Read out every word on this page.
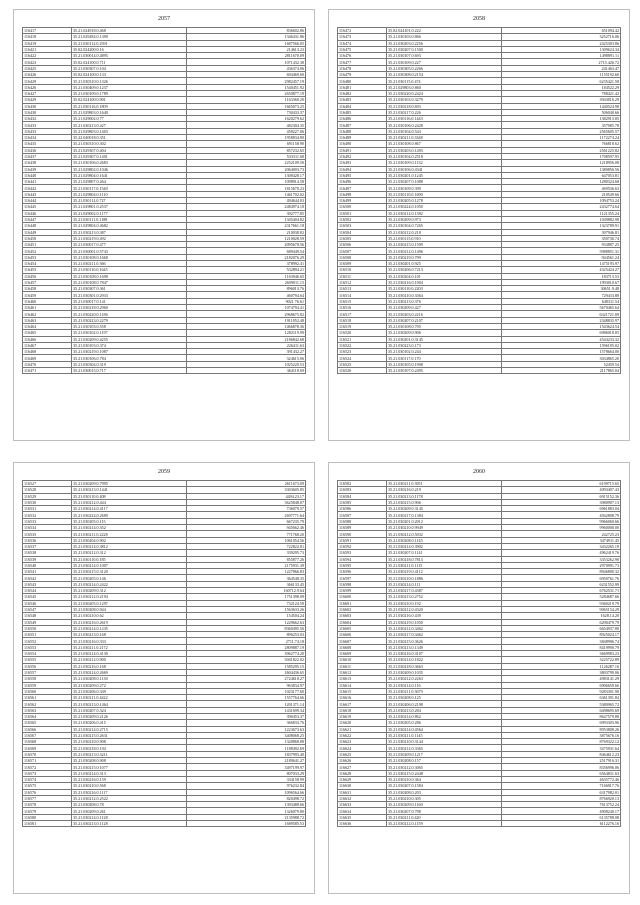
2057
116417	35.21.024918.0.468	836602.86
116418	35.21.029284.0.1390	1346431.86
116419	35.21.030112.0.2591	1687566.05
116421	35.02.024200.0.16	214613.23
116422	35.21.030014.0.4895	2811670.09
116423	35.02.024100.0.711	1071432.38
116425	35.21.030307.0.104	436374.06
116426	35.02.024100.0.133	694469.60
116429	35.21.030310.0.1326	2982457.19
116426	35.21.030409.0.1237	1540451.92
116427	35.21.030109.0.1789	2650877.19
116429	35.02.024100.0.901	1163360.20
116430	35.21.030116.0.1809	1665073.25
116430	35.21.029803.0.1640	730433.37
116432	35.21.029002.0.77	1620279.62
116433	35.21.030213.0.427	482304.35
116433	35.21.029803.0.1403	458227.06
116434	35.22.040018.0.351	1958834.80
116435	35.21.030310.0.302	691158.90
116436	35.21.029307.0.404	857232.65
116437	35.21.029307.0.1401	533311.68
116438	35.21.030106.0.2683	2252109.50
116439	35.21.029802.0.1046	2064003.73
116440	35.21.029804.0.1641	1308428.17
116441	35.21.029807.0.264	1098914.58
116442	35.21.030117.0.1540	1815670.23
116443	35.21.029804.0.1110	1461702.02
116444	35.21.030112.0.727	494644.03
116445	35.21.029801.0.2537	2484974.18
116446	35.21.029002.0.1177	392777.85
116447	35.21.030111.0.1188	1345404.82
116448	35.21.029804.0.4682	2317661.18
116449	35.21.030213.0.387	210038.82
116450	35.21.030219.0.492	1210028.59
116451	35.21.030017.0.477	2095678.56
116452	35.21.030001.0.5743	689449.54
116453	35.21.030108.0.1668	2182076.29
116454	35.21.030211.0.366	378992.41
116455	35.21.030110.0.1645	532894.21
116456	35.21.030108.0.1698	1163946.65
116457	35.21.030108.0.7847	2609011.15
116458	35.21.030307.0.361	896013.76
116459	35.21.030301.0.2933	460794.64
116460	35.21.030017.0.141	9021 76.61
116461	35.21.030218.0.2960	1074794.41
116462	35.21.030220.0.1186	2968675.82
116463	35.21.030223.0.2279	1911052.48
116464	35.21.030103.0.558	1466878.36
116465	35.21.030102.0.1197	1282119.99
116466	35.21.030209.0.4255	2186842.68
116467	35.21.030103.0.374	226411.63
116468	35.21.030219.0.1087	391432.27
116469	35.21.030106.0.784	324615.06
116470	35.21.030304.0.319	1025220.53
116471	35.21.030015.0.717	364118.69
2058
116472	35.02.024101.0.222	651094.42
116473	35.21.030103.0.866	3252716.06
116474	35.21.030203.0.2256	2425303.86
116475	35.21.030207.0.1500	1309624.34
116476	35.21.030107.0.693	1498891.11
116477	35.21.030109.0.227	2715.426.72
116478	35.21.030305.0.2266	241463.47
116479	35.21.030308.0.2154	1155192.60
116480	35.21.030115.0.474	6235421.58
116481	35.21.029803.0.860	184522.29
116482	35.21.030220.0.2424	788421.42
116483	35.21.030103.0.3279	3943016.29
116484	35.21.030218.0.693	1440524.98
116485	35.21.030217.0.226	506040.66
116486	35.21.030116.0.1443	1382915.85
116487	35.21.030106.0.2428	357085.78
116488	35.21.030104.0.544	2565605.57
116489	35.21.030211.0.3348	1172274.24
116490	35.21.030108.0.867	766818.62
116491	35.21.030203.0.1493	2561225.82
116492	35.21.030104.0.2518	1708597.95
116493	35.21.030109.0.1132	1218956.08
116494	35.21.030106.0.4341	1380856.56
116495	35.21.030201.0.1245	647053.81
116496	35.21.030207.0.1088	1280324.68
116497	35.21.030109.0.399	469536.63
116498	35.21.030110.0.1690	210549.66
116499	35.21.030205.0.1278	1094753.24
116500	35.21.030224.0.1050	2432774.64
116501	35.21.030212.0.1392	1121355.24
116502	35.21.030209.0.973	1049882.98
116503	35.21.030104.0.7265	1323789.91
116504	35.21.030212.0.218	397946.81
116505	35.21.030115.0.910	350736.74
116506	35.21.030215.0.1509	933887.25
116507	35.21.030212.0.1496	5988851.31
116508	35.21.030219.0.799	944561.24
116509	35.21.030201.0.925	1475193.97
116510	35.21.030206.0.7213	4325424.27
116511	35.21.030204.0.101	183713.53
116512	35.21.030216.0.1004	1993010.67
116513	35.21.030110.0.2203	30651.9.48
116514	35.21.030210.0.3364	729433.88
116515	35.21.030213.0.376	648311.54
116516	35.21.030209.0.427	5670465.64
116517	35.21.030203.0.2216	6321721.09
116518	35.21.030207.0.2107	2348835.97
116519	35.21.030108.0.705	1543624.54
116520	35.21.030209.0.906	6986018.05
116521	35.21.030201.0.3145	4544233.32
116522	35.21.030223.0.173	1596195.02
116523	35.21.030102.0.244	1578664.00
116524	35.21.030117.0.170	3034865.20
116525	35.21.030105.0.1908	52459.54
116526	35.21.030107.0.2495	2117865.04
2059
116527	35.21.030209.0.7995	2611673.09
116528	35.21.030213.0.1441	3303605.85
116529	35.21.030110.0.408	4494.23.17
116530	35.21.030212.0.444	3625848.07
116531	35.21.030214.0.4117	736079.57
116532	35.21.030224.0.2689	2697771.64
116533	35.21.030205.0.115	667235.79
116534	35.21.030214.0.352	945662.46
116535	35.21.030211.0.2228	771768.20
116536	35.21.030204.0.902	1061054.56
116537	35.21.030214.0.3812	722822.01
116538	35.21.030212.0.312	339295.73
116539	35.21.030110.0.185	855877.26
116540	35.21.030214.0.1007	2175931.39
116541	35.21.030215.0.3120	1227866.83
116542	35.21.030205.0.146	364548.35
116543	35.21.030214.0.2422	366133.45
116544	35.21.030209.0.312	160712.9.64
116545	35.21.030212.0.2194	1751398.09
116546	35.21.030205.0.1297	732124.59
116547	35.21.030208.0.944	1563633.26
116548	35.21.030210.0.62	154504.24
116549	35.21.030216.0.2619	1229662.63
116550	35.21.030214.0.1235	8360495.56
116551	35.21.030213.0.168	896253.03
116552	35.21.030216.0.333	2711.74.18
116553	35.21.030211.0.2172	2809887.19
116554	35.21.030214.0.4130	3962774.20
116555	35.21.030212.0.900	3041822.02
116556	35.21.030216.0.168	1585295.15
116557	35.21.030214.0.2669	2604436.65
116558	35.21.030208.0.1130	2724618.27
116559	35.21.030209.0.272	963834.97
116560	35.21.030206.0.349	1023177.60
116561	35.21.030211.0.4422	1557764.66
116562	35.21.030213.0.1464	1201371.14
116563	35.21.030207.0.324	1431699.34
116564	35.21.030209.0.2126	390453.37
116565	35.21.030206.0.415	366833.76
116566	35.21.030214.0.2715	1223673.63
116567	35.21.030215.0.2631	3408068.25
116568	35.21.030210.0.908	1320868.88
116569	35.21.030218.0.194	1188492.69
116570	35.21.030213.0.3211	1837993.40
116571	35.21.030208.0.908	2180641.27
116572	35.21.030215.0.1077	3497199.97
116573	35.21.030214.0.313	807033.29
116574	35.21.030216.0.159	334158.99
116575	35.21.030210.0.568	976232.84
116576	35.21.030216.0.1117	1096564.66
116577	35.21.030212.0.2522	820498.72
116578	35.21.030208.0.78	1393488.66
116579	35.21.030209.0.261	1326079.80
116580	35.21.030214.0.1128	2135988.72
116581	35.21.030213.0.1128	1689585.53
2060
116582	35.21.030211.0.3951	6199715.65
116583	35.21.030216.0.219	4093407.43
116584	35.21.030213.0.1178	6915152.36
116585	35.21.030215.0.906	3980907.13
116586	35.21.030209.0.3145	6961883.04
116587	35.21.030217.0.1384	4942808.79
116588	35.21.030201.0.2012	9966060.66
116589	35.21.030210.0.9949	9960000.00
116590	35.21.030212.0.5032	242725.23
116591	35.21.030208.0.1145	3474911.45
116592	35.21.030214.0.3902	3432265.19
116593	35.21.030207.0.1141	4962419.76
116594	35.21.030218.0.7813	3353262.90
116595	35.21.030211.0.1115	2970991.73
116596	35.21.030219.0.4112	8946800.32
116597	35.21.030210.0.1886	6950761.76
116598	35.21.030214.0.111	6231552.99
116599	35.21.030217.0.4387	6762531.71
116600	35.21.030213.0.2752	5284687.66
116601	35.21.030210.0.192	9360219.79
116602	35.21.030212.0.4320	9065154.29
116603	35.21.030216.0.439	1628.14.20
116604	35.21.030219.0.1050	6290479.79
116605	35.21.030212.0.3462	6654937.80
116606	35.21.030217.0.3462	8925024.17
116607	35.21.030215.0.3626	3848996.74
116608	35.21.030213.0.1349	8419990.79
116609	35.21.030216.0.3107	3669983.23
116610	35.21.030214.0.1822	3225722.89
116611	35.21.030218.0.3663	1126287.16
116612	35.21.030209.0.1035	3803799.06
116613	35.21.030212.0.2263	4983141.29
116614	35.21.030214.0.116	6906659.66
116615	35.21.030211.0.3679	9283301.90
116616	35.21.030208.0.125	6361391.84
116617	35.21.030206.0.2198	5380965.72
116618	35.21.030213.0.284	6498695.69
116619	35.21.030214.0.862	8647579.88
116620	35.21.030205.0.286	6993303.96
116621	35.21.030214.0.4564	8953808.26
116622	35.21.030211.0.1145	3875676.16
116623	35.21.030210.0.3144	8769322.12
116624	35.21.030212.0.3365	3475931.64
116625	35.21.030209.0.1217	8464612.23
116626	35.21.030208.0.157	2517916.31
116627	35.21.030212.0.3065	8356996.06
116628	35.21.030215.0.2448	6564831.63
116629	35.21.030210.0.364	4635772.46
116630	35.21.030207.0.1584	7166917.76
116631	35.21.030208.0.203	6317982.01
116632	35.21.030210.0.305	8766920.13
116633	35.21.030209.0.1160	7613752.24
116634	35.21.030207.0.798	4908240.17
116635	35.21.030211.0.420	6135788.08
116636	35.21.030212.0.1159	6112276.16
